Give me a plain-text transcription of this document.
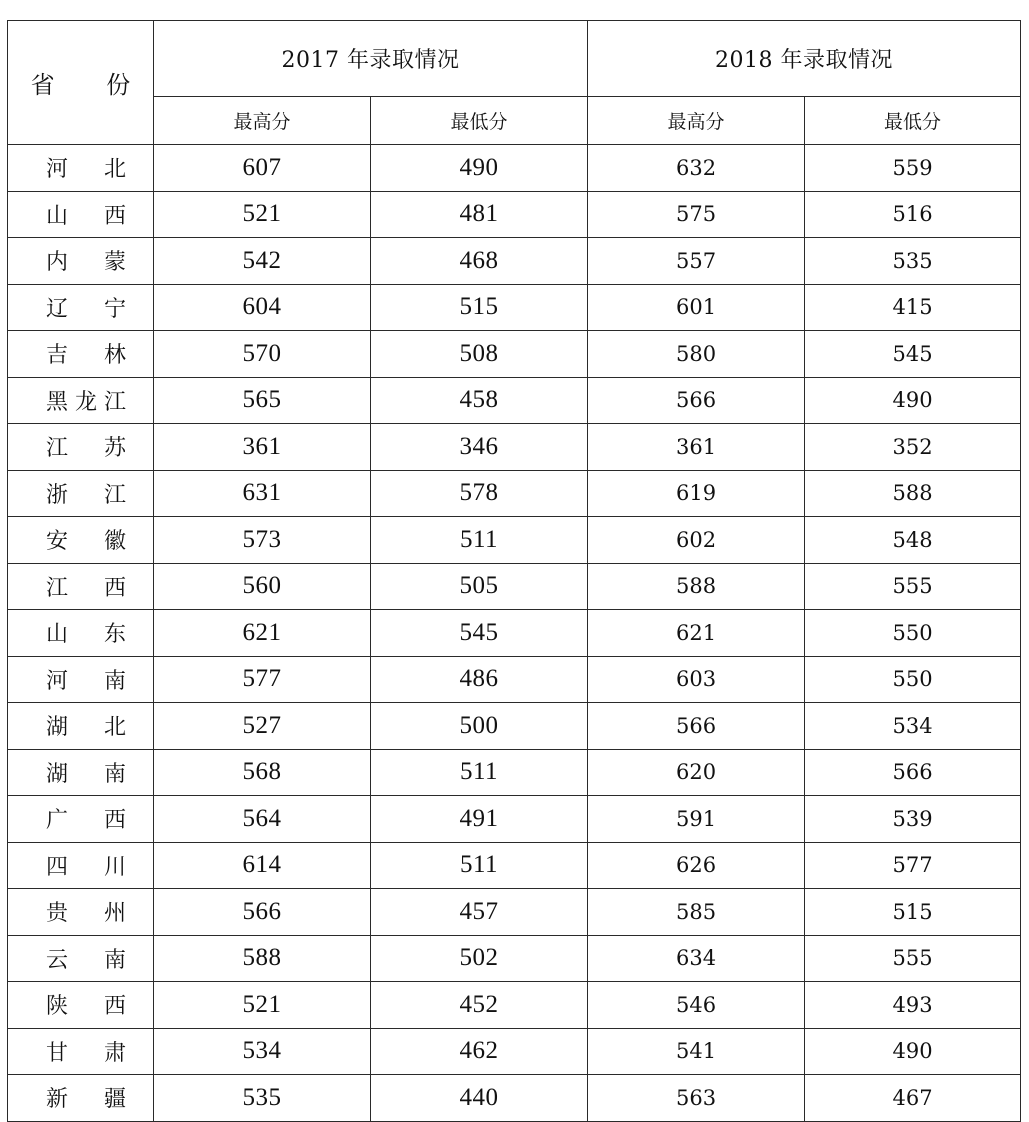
省 份	2017 年录取情况		2018 年录取情况	
	最高分	最低分	最高分	最低分
河北	607	490	632	559
山西	521	481	575	516
内蒙	542	468	557	535
辽宁	604	515	601	415
吉林	570	508	580	545
黑龙江	565	458	566	490
江苏	361	346	361	352
浙江	631	578	619	588
安徽	573	511	602	548
江西	560	505	588	555
山东	621	545	621	550
河南	577	486	603	550
湖北	527	500	566	534
湖南	568	511	620	566
广西	564	491	591	539
四川	614	511	626	577
贵州	566	457	585	515
云南	588	502	634	555
陕西	521	452	546	493
甘肃	534	462	541	490
新疆	535	440	563	467
